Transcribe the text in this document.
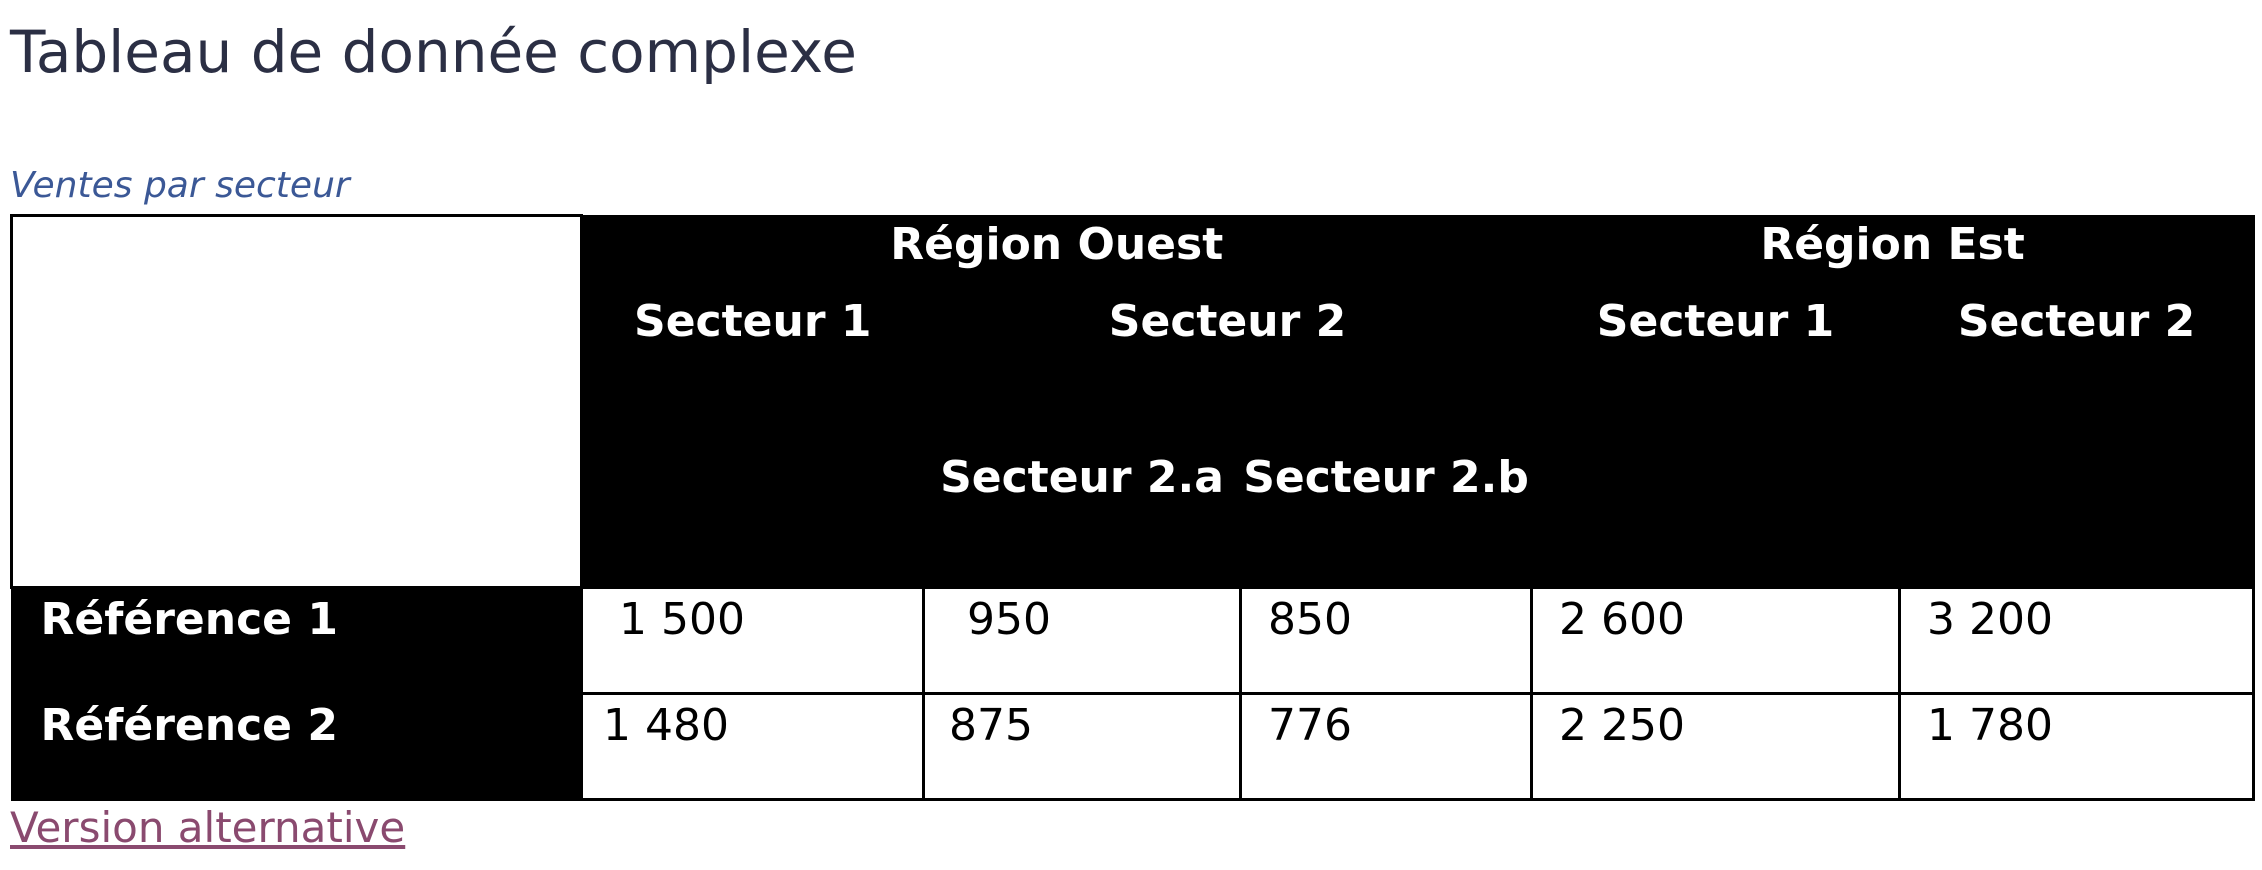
Tableau de donnée complexe
Ventes par secteur
	Région Ouest			Région Est	
	Secteur 1	Secteur 2		Secteur 1	Secteur 2
		Secteur 2.a	Secteur 2.b		
Référence 1	1 500	950	850	2 600	3 200
Référence 2	1 480	875	776	2 250	1 780
Version alternative
